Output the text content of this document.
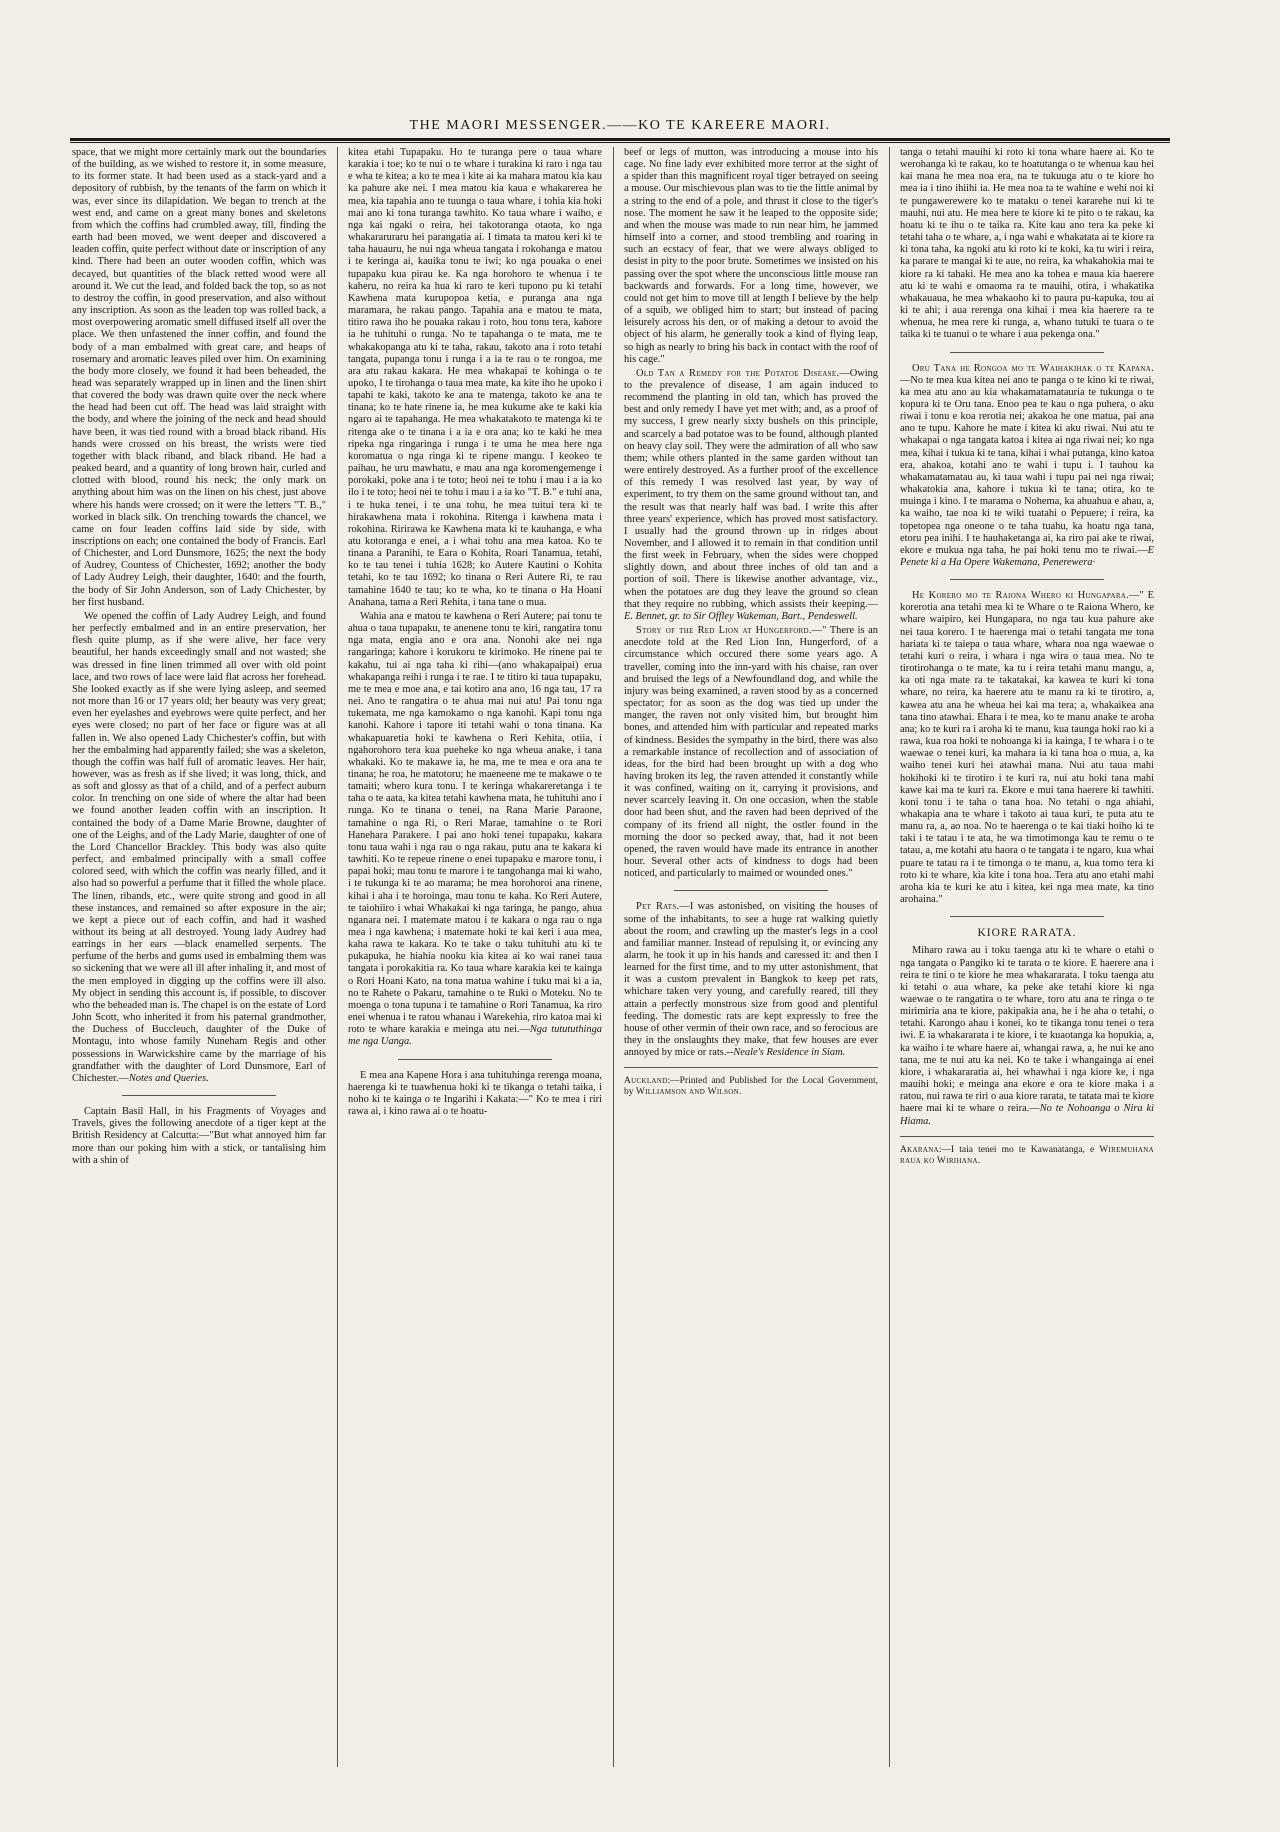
THE MAORI MESSENGER.——KO TE KAREERE MAORI.

space, that we might more certainly mark out the boundaries of the building, as we wished to restore it, in some measure, to its former state. It had been used as a stack-yard and a depository of rubbish, by the tenants of the farm on which it was, ever since its dilapidation. We began to trench at the west end, and came on a great many bones and skeletons from which the coffins had crumbled away, till, finding the earth had been moved, we went deeper and discovered a leaden coffin, quite perfect without date or inscription of any kind. There had been an outer wooden coffin, which was decayed, but quantities of the black retted wood were all around it. We cut the lead, and folded back the top, so as not to destroy the coffin, in good preservation, and also without any inscription. As soon as the leaden top was rolled back, a most overpowering aromatic smell diffused itself all over the place. We then unfastened the inner coffin, and found the body of a man embalmed with great care, and heaps of rosemary and aromatic leaves piled over him. On examining the body more closely, we found it had been beheaded, the head was separately wrapped up in linen and the linen shirt that covered the body was drawn quite over the neck where the head had been cut off. The head was laid straight with the body, and where the joining of the neck and head should have been, it was tied round with a broad black riband. His hands were crossed on his breast, the wrists were tied together with black riband, and black riband. He had a peaked beard, and a quantity of long brown hair, curled and clotted with blood, round his neck; the only mark on anything about him was on the linen on his chest, just above where his hands were crossed; on it were the letters "T. B.," worked in black silk. On trenching towards the chancel, we came on four leaden coffins laid side by side, with inscriptions on each; one contained the body of Francis. Earl of Chichester, and Lord Dunsmore, 1625; the next the body of Audrey, Countess of Chichester, 1692; another the body of Lady Audrey Leigh, their daughter, 1640: and the fourth, the body of Sir John Anderson, son of Lady Chichester, by her first husband.

We opened the coffin of Lady Audrey Leigh, and found her perfectly embalmed and in an entire preservation, her flesh quite plump, as if she were alive, her face very beautiful, her hands exceedingly small and not wasted; she was dressed in fine linen trimmed all over with old point lace, and two rows of lace were laid flat across her forehead. She looked exactly as if she were lying asleep, and seemed not more than 16 or 17 years old; her beauty was very great; even her eyelashes and eyebrows were quite perfect, and her eyes were closed; no part of her face or figure was at all fallen in. We also opened Lady Chichester's coffin, but with her the embalming had apparently failed; she was a skeleton, though the coffin was half full of aromatic leaves. Her hair, however, was as fresh as if she lived; it was long, thick, and as soft and glossy as that of a child, and of a perfect auburn color. In trenching on one side of where the altar had been we found another leaden coffin with an inscription. It contained the body of a Dame Marie Browne, daughter of one of the Leighs, and of the Lady Marie, daughter of one of the Lord Chancellor Brackley. This body was also quite perfect, and embalmed principally with a small coffee colored seed, with which the coffin was nearly filled, and it also had so powerful a perfume that it filled the whole place. The linen, ribands, etc., were quite strong and good in all these instances, and remained so after exposure in the air; we kept a piece out of each coffin, and had it washed without its being at all destroyed. Young lady Audrey had earrings in her ears —black enamelled serpents. The perfume of the herbs and gums used in embalming them was so sickening that we were all ill after inhaling it, and most of the men employed in digging up the coffins were ill also. My object in sending this account is, if possible, to discover who the beheaded man is. The chapel is on the estate of Lord John Scott, who inherited it from his paternal grandmother, the Duchess of Buccleuch, daughter of the Duke of Montagu, into whose family Nuneham Regis and other possessions in Warwickshire came by the marriage of his grandfather with the daughter of Lord Dunsmore, Earl of Chichester.—Notes and Queries.

Captain Basil Hall, in his Fragments of Voyages and Travels, gives the following anecdote of a tiger kept at the British Residency at Calcutta:—"But what annoyed him far more than our poking him with a stick, or tantalising him with a shin of

kitea etahi Tupapaku. Ho te turanga pere o taua whare karakia i toe; ko te nui o te whare i turakina ki raro i nga tau e wha te kitea; a ko te mea i kite ai ka mahara matou kia kau ka pahure ake nei. I mea matou kia kaua e whakarerea he mea, kia tapahia ano te tuunga o taua whare, i tohia kia hoki mai ano ki tona turanga tawhito. Ko taua whare i waiho, e nga kai ngaki o reira, hei takotoranga otaota, ko nga whakararuraru hei parangatia ai. I timata ta matou keri ki te taha hauauru, he nui nga wheua tangata i rokohanga e matou i te keringa ai, kauika tonu te iwi; ko nga pouaka o enei tupapaku kua pirau ke. Ka nga horohoro te whenua i te kaheru, no reira ka hua ki raro te keri tupono pu ki tetahi Kawhena mata kurupopoa ketia, e puranga ana nga maramara, he rakau pango. Tapahia ana e matou te mata, titiro rawa iho he pouaka rakau i roto, hou tonu tera, kahore ia he tuhituhi o runga. No te tapahanga o te mata, me te whakakopanga atu ki te taha, rakau, takoto ana i roto tetahi tangata, pupanga tonu i runga i a ia te rau o te rongoa, me ara atu rakau kakara. He mea whakapai te kohinga o te upoko, I te tirohanga o taua mea mate, ka kite iho he upoko i tapahi te kaki, takoto ke ana te matenga, takoto ke ana te tinana; ko te hate rinene ia, he mea kukume ake te kaki kia ngaro ai te tapahanga. He mea whakatakoto te matenga ki te ritenga ake o te tinana i a ia e ora ana; ko te kaki he mea ripeka nga ringaringa i runga i te uma he mea here nga koromatua o nga ringa ki te ripene mangu. I keokeo te paihau, he uru mawhatu, e mau ana nga koromengemenge i porokaki, poke ana i te toto; heoi nei te tohu i mau i a ia ko ilo i te toto; heoi nei te tohu i mau i a ia ko "T. B." e tuhi ana, i te huka tenei, i te una tohu, he mea tuitui tera ki te hirakawhena mata i rokohina. Ritenga i kawhena mata i rokohina. Ririrawa ke Kawhena mata ki te kauhanga, e wha atu kotoranga e enei, a i whai tohu ana mea katoa. Ko te tinana a Paranihi, te Eara o Kohita, Roari Tanamua, tetahi, ko te tau tenei i tuhia 1628; ko Autere Kautini o Kohita tetahi, ko te tau 1692; ko tinana o Reri Autere Ri, te rau tamahine 1640 te tau; ko te wha, ko te tinana o Ha Hoani Anahana, tama a Reri Rehita, i tana tane o mua.

Wahia ana e matou te kawhena o Reri Autere; pai tonu te ahua o taua tupapaku, te anenene tonu te kiri, rangatira tonu nga mata, engia ano e ora ana. Nonohi ake nei nga rangaringa; kahore i korukoru te kirimoko. He rinene pai te kakahu, tui ai nga taha ki rihi—(ano whakapaipai) erua whakapanga reihi i runga i te rae. I te titiro ki taua tupapaku, me te mea e moe ana, e tai kotiro ana ano, 16 nga tau, 17 ra nei. Ano te rangatira o te ahua mai nui atu! Pai tonu nga tukemata, me nga kamokamo o nga kanohi. Kapi tonu nga kanohi. Kahore i tapore iti tetahi wahi o tona tinana. Ka whakapuaretia hoki te kawhena o Reri Kehita, otiia, i ngahorohoro tera kua pueheke ko nga wheua anake, i tana whakaki. Ko te makawe ia, he ma, me te mea e ora ana te tinana; he roa, he matotoru; he maeneene me te makawe o te tamaiti; whero kura tonu. I te keringa whakareretanga i te taha o te aata, ka kitea tetahi kawhena mata, he tuhituhi ano i runga. Ko te tinana o tenei, na Rana Marie Paraone, tamahine o nga Ri, o Reri Marae, tamahine o te Rori Hanehara Parakere. I pai ano hoki tenei tupapaku, kakara tonu taua wahi i nga rau o nga rakau, putu ana te kakara ki tawhiti. Ko te repeue rinene o enei tupapaku e marore tonu, i papai hoki; mau tonu te marore i te tangohanga mai ki waho, i te tukunga ki te ao marama; he mea horohoroi ana rinene, kihai i aha i te horoinga, mau tonu te kaha. Ko Reri Autere, te taiohiiro i whai Whakakai ki nga taringa, he pango, ahua nganara nei. I matemate matou i te kakara o nga rau o nga mea i nga kawhena; i matemate hoki te kai keri i aua mea, kaha rawa te kakara. Ko te take o taku tuhituhi atu ki te pukapuka, he hiahia nooku kia kitea ai ko wai ranei taua tangata i porokakitia ra. Ko taua whare karakia kei te kainga o Rori Hoani Kato, na tona matua wahine i tuku mai ki a ia, no te Rahete o Pakaru, tamahine o te Ruki o Moteku. No te moenga o tona tupuna i te tamahine o Rori Tanamua, ka riro enei whenua i te ratou whanau i Warekehia, riro katoa mai ki roto te whare karakia e meinga atu nei.—Nga tutututhinga me nga Uanga.

E mea ana Kapene Hora i ana tuhituhinga rerenga moana, haerenga ki te tuawhenua hoki ki te tikanga o tetahi taika, i noho ki te kainga o te Ingarihi i Kakata:—" Ko te mea i riri rawa ai, i kino rawa ai o te hoatu-

beef or legs of mutton, was introducing a mouse into his cage. No fine lady ever exhibited more terror at the sight of a spider than this magnificent royal tiger betrayed on seeing a mouse. Our mischievous plan was to tie the little animal by a string to the end of a pole, and thrust it close to the tiger's nose. The moment he saw it he leaped to the opposite side; and when the mouse was made to run near him, he jammed himself into a corner, and stood trembling and roaring in such an ecstacy of fear, that we were always obliged to desist in pity to the poor brute. Sometimes we insisted on his passing over the spot where the unconscious little mouse ran backwards and forwards. For a long time, however, we could not get him to move till at length I believe by the help of a squib, we obliged him to start; but instead of pacing leisurely across his den, or of making a detour to avoid the object of his alarm, he generally took a kind of flying leap, so high as nearly to bring his back in contact with the roof of his cage."

Old Tan a Remedy for the Potatoe Disease.—Owing to the prevalence of disease, I am again induced to recommend the planting in old tan, which has proved the best and only remedy I have yet met with; and, as a proof of my success, I grew nearly sixty bushels on this principle, and scarcely a bad potatoe was to be found, although planted on heavy clay soil. They were the admiration of all who saw them; while others planted in the same garden without tan were entirely destroyed. As a further proof of the excellence of this remedy I was resolved last year, by way of experiment, to try them on the same ground without tan, and the result was that nearly half was bad. I write this after three years' experience, which has proved most satisfactory. I usually had the ground thrown up in ridges about November, and I allowed it to remain in that condition until the first week in February, when the sides were chopped slightly down, and about three inches of old tan and a portion of soil. There is likewise another advantage, viz., when the potatoes are dug they leave the ground so clean that they require no rubbing, which assists their keeping.—E. Bennet, gr. to Sir Offley Wakeman, Bart., Pendeswell.

Story of the Red Lion at Hungerford.—" There is an anecdote told at the Red Lion Inn, Hungerford, of a circumstance which occured there some years ago. A traveller, coming into the inn-yard with his chaise, ran over and bruised the legs of a Newfoundland dog, and while the injury was being examined, a raven stood by as a concerned spectator; for as soon as the dog was tied up under the manger, the raven not only visited him, but brought him bones, and attended him with particular and repeated marks of kindness. Besides the sympathy in the bird, there was also a remarkable instance of recollection and of association of ideas, for the bird had been brought up with a dog who having broken its leg, the raven attended it constantly while it was confined, waiting on it, carrying it provisions, and never scarcely leaving it. On one occasion, when the stable door had been shut, and the raven had been deprived of the company of its friend all night, the ostler found in the morning the door so pecked away, that, had it not been opened, the raven would have made its entrance in another hour. Several other acts of kindness to dogs had been noticed, and particularly to maimed or wounded ones."

Pet Rats.—I was astonished, on visiting the houses of some of the inhabitants, to see a huge rat walking quietly about the room, and crawling up the master's legs in a cool and familiar manner. Instead of repulsing it, or evincing any alarm, he took it up in his hands and caressed it: and then I learned for the first time, and to my utter astonishment, that it was a custom prevalent in Bangkok to keep pet rats, whichare taken very young, and carefully reared, till they attain a perfectly monstrous size from good and plentiful feeding. The domestic rats are kept expressly to free the house of other vermin of their own race, and so ferocious are they in the onslaughts they make, that few houses are ever annoyed by mice or rats.--Neale's Residence in Siam.

Auckland:—Printed and Published for the Local Government, by Williamson and Wilson.

tanga o tetahi mauihi ki roto ki tona whare haere ai. Ko te werohanga ki te rakau, ko te hoatutanga o te whenua kau hei kai mana he mea noa era, na te tukuuga atu o te kiore ho mea ia i tino ihiihi ia. He mea noa ta te wahine e wehi noi ki te pungawerewere ko te mataku o tenei kararehe nui ki te mauhi, nui atu. He mea here te kiore ki te pito o te rakau, ka hoatu ki te ihu o te taika ra. Kite kau ano tera ka peke ki tetahi taha o te whare, a, i nga wahi e whakatata ai te kiore ra ki tona taha, ka ngoki atu ki roto ki te koki, ka tu wiri i reira, ka parare te mangai ki te aue, no reira, ka whakahokia mai te kiore ra ki tahaki. He mea ano ka tohea e maua kia haerere atu ki te wahi e omaoma ra te mauihi, otira, i whakatika whakauaua, he mea whakaoho ki to paura pu-kapuka, tou ai ki te ahi; i aua rerenga ona kihai i mea kia haerere ra te whenua, he mea rere ki runga, a, whano tutuki te tuara o te taika ki te tuanui o te whare i aua pekenga ona."

Oru Tana he Rongoa mo te Waihakihak o te Kapana.—No te mea kua kitea nei ano te panga o te kino ki te riwai, ka mea atu ano au kia whakamatamatauria te tukunga o te kopura ki te Oru tana. Enoo pea te kau o nga puhera, o aku riwai i tonu e koa rerotia nei; akakoa he one matua, pai ana ano te tupu. Kahore he mate i kitea ki aku riwai. Nui atu te whakapai o nga tangata katoa i kitea ai nga riwai nei; ko nga mea, kihai i tukua ki te tana, kihai i whai putanga, kino katoa era, ahakoa, kotahi ano te wahi i tupu i. I tauhou ka whakamatamatau au, ki taua wahi i tupu pai nei nga riwai; whakatokia ana, kahore i tukua ki te tana; otira, ko te muinga i kino. I te marama o Nohema, ka ahuahua e ahau, a, ka waiho, tae noa ki te wiki tuatahi o Pepuere; i reira, ka topetopea nga oneone o te taha tuahu, ka hoatu nga tana, etoru pea inihi. I te hauhaketanga ai, ka riro pai ake te riwai, ekore e mukua nga taha, he pai hoki tenu mo te riwai.—E Penete ki a Ha Opere Wakemana, Penerewera·

He Korero mo te Raiona Whero ki Hungapara.—" E korerotia ana tetahi mea ki te Whare o te Raiona Whero, ke whare waipiro, kei Hungapara, no nga tau kua pahure ake nei taua korero. I te haerenga mai o tetahi tangata me tona hariata ki te taiepa o taua whare, whara noa nga waewae o tetahi kuri o reira, i whara i nga wira o taua mea. No te tirotirohanga o te mate, ka tu i reira tetahi manu mangu, a, ka oti nga mate ra te takatakai, ka kawea te kuri ki tona whare, no reira, ka haerere atu te manu ra ki te tirotiro, a, kawea atu ana he wheua hei kai ma tera; a, whakaikea ana tana tino atawhai. Ehara i te mea, ko te manu anake te aroha ana; ko te kuri ra i aroha ki te manu, kua taunga hoki rao ki a rawa, kua roa hoki te nohoanga ki ia kainga, I te whara i o te waewae o tenei kuri, ka mahara ia ki tana hoa o mua, a, ka waiho tenei kuri hei atawhai mana. Nui atu taua mahi hokihoki ki te tirotiro i te kuri ra, nui atu hoki tana mahi kawe kai ma te kuri ra. Ekore e mui tana haerere ki tawhiti. koni tonu i te taha o tana hoa. No tetahi o nga ahiahi, whakapia ana te whare i takoto ai taua kuri, te puta atu te manu ra, a, ao noa. No te haerenga o te kai tiaki hoiho ki te taki i te tatau i te ata, he wa timotimonga kau te remu o te tatau, a, me kotahi atu haora o te tangata i te ngaro, kua whai puare te tatau ra i te timonga o te manu, a, kua tomo tera ki roto ki te whare, kia kite i tona hoa. Tera atu ano etahi mahi aroha kia te kuri ke atu i kitea, kei nga mea mate, ka tino arohaina."

KIORE RARATA.

Miharo rawa au i toku taenga atu ki te whare o etahi o nga tangata o Pangiko ki te tarata o te kiore. E haerere ana i reira te tini o te kiore he mea whakararata. I toku taenga atu ki tetahi o aua whare, ka peke ake tetahi kiore ki nga waewae o te rangatira o te whare, toro atu ana te ringa o te mirimiria ana te kiore, pakipakia ana, he i he aha o tetahi, o tetahi. Karongo ahau i konei, ko te tikanga tonu tenei o tera iwi. E ia whakararata i te kiore, i te kuaotanga ka hopukia, a, ka waiho i te whare haere ai, whangai rawa, a, he nui ke ano tana, me te nui atu ka nei. Ko te take i whangainga ai enei kiore, i whakararatia ai, hei whawhai i nga kiore ke, i nga mauihi hoki; e meinga ana ekore e ora te kiore maka i a ratou, nui rawa te riri o aua kiore rarata, te tatata mai te kiore haere mai ki te whare o reira.—No te Nohoanga o Nira ki Hiama.

Akarana:—I taia tenei mo te Kawanatanga, e Wiremuhana raua ko Wirihana.
